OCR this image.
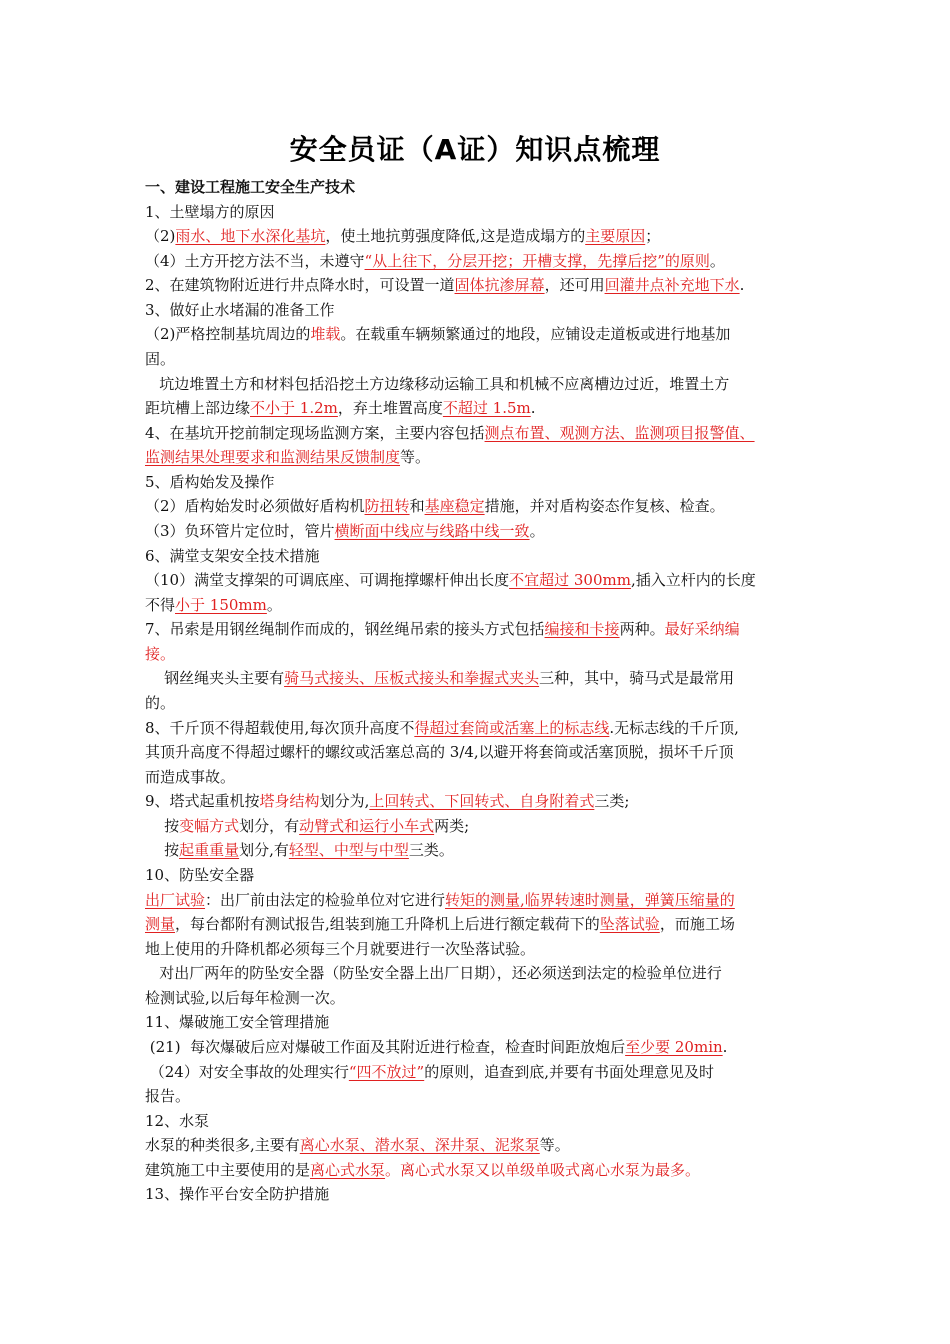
安全员证（A证）知识点梳理
一、建设工程施工安全生产技术
1、土壁塌方的原因
（2)雨水、地下水深化基坑，使土地抗剪强度降低,这是造成塌方的主要原因；
（4）土方开挖方法不当，未遵守“从上往下，分层开挖；开槽支撑，先撑后挖”的原则。
2、在建筑物附近进行井点降水时，可设置一道固体抗渗屏幕，还可用回灌井点补充地下水.
3、做好止水堵漏的准备工作
（2)严格控制基坑周边的堆载。在载重车辆频繁通过的地段，应铺设走道板或进行地基加
固。
坑边堆置土方和材料包括沿挖土方边缘移动运输工具和机械不应离槽边过近，堆置土方
距坑槽上部边缘不小于 1.2m，弃土堆置高度不超过 1.5m.
4、在基坑开挖前制定现场监测方案，主要内容包括测点布置、观测方法、监测项目报警值、
监测结果处理要求和监测结果反馈制度等。
5、盾构始发及操作
（2）盾构始发时必须做好盾构机防扭转和基座稳定措施，并对盾构姿态作复核、检查。
（3）负环管片定位时，管片横断面中线应与线路中线一致。
6、满堂支架安全技术措施
（10）满堂支撑架的可调底座、可调拖撑螺杆伸出长度不宜超过 300mm,插入立杆内的长度
不得小于 150mm。
7、吊索是用钢丝绳制作而成的，钢丝绳吊索的接头方式包括编接和卡接两种。最好采纳编
接。
钢丝绳夹头主要有骑马式接头、压板式接头和拳握式夹头三种，其中，骑马式是最常用
的。
8、千斤顶不得超载使用,每次顶升高度不得超过套筒或活塞上的标志线.无标志线的千斤顶,
其顶升高度不得超过螺杆的螺纹或活塞总高的 3/4,以避开将套筒或活塞顶脱，损坏千斤顶
而造成事故。
9、塔式起重机按塔身结构划分为,上回转式、下回转式、自身附着式三类;
按变幅方式划分，有动臂式和运行小车式两类;
按起重重量划分,有轻型、中型与中型三类。
10、防坠安全器
出厂试验：出厂前由法定的检验单位对它进行转矩的测量,临界转速时测量，弹簧压缩量的
测量，每台都附有测试报告,组装到施工升降机上后进行额定载荷下的坠落试验，而施工场
地上使用的升降机都必须每三个月就要进行一次坠落试验。
对出厂两年的防坠安全器（防坠安全器上出厂日期），还必须送到法定的检验单位进行
检测试验,以后每年检测一次。
11、爆破施工安全管理措施
(21)  每次爆破后应对爆破工作面及其附近进行检查，检查时间距放炮后至少要 20min.
（24）对安全事故的处理实行“四不放过”的原则，追查到底,并要有书面处理意见及时
报告。
12、水泵
水泵的种类很多,主要有离心水泵、潜水泵、深井泵、泥浆泵等。
建筑施工中主要使用的是离心式水泵。离心式水泵又以单级单吸式离心水泵为最多。
13、操作平台安全防护措施
